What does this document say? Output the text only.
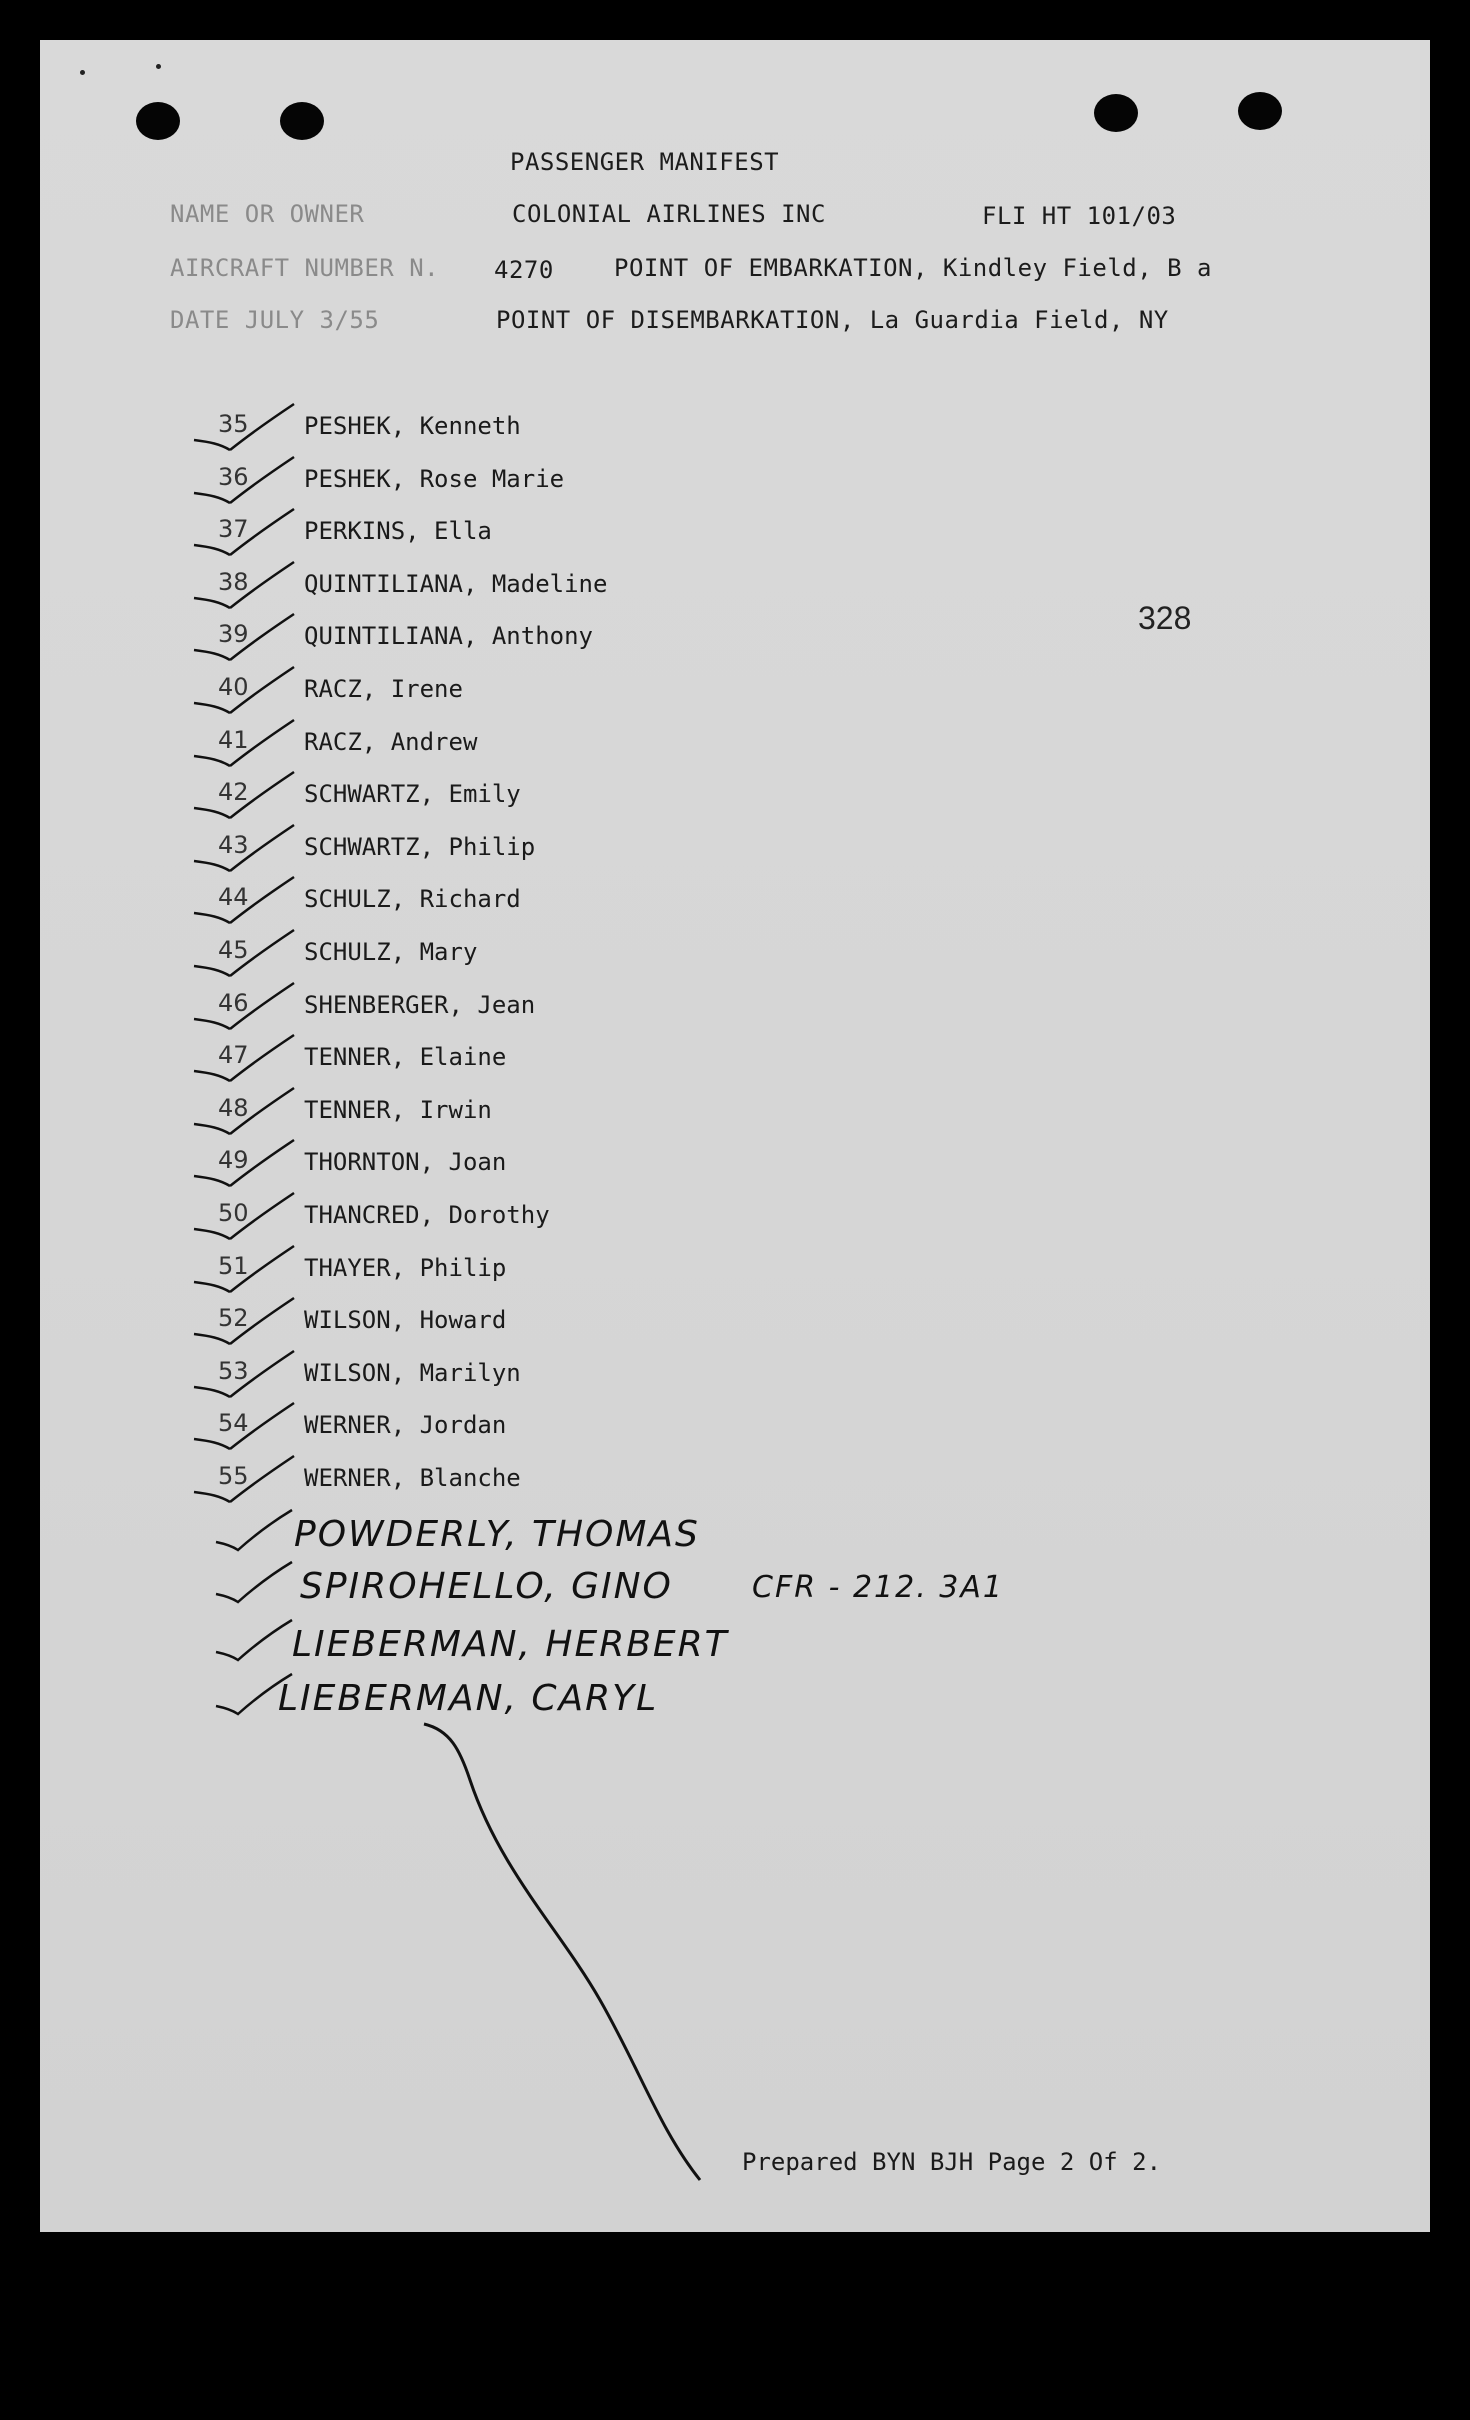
PASSENGER MANIFEST
NAME OR OWNER	COLONIAL AIRLINES INC	FLI HT 101/03
AIRCRAFT NUMBER N. 4270	POINT OF EMBARKATION, Kindley Field, B a
DATE JULY 3/55	POINT OF DISEMBARKATION, La Guardia Field, NY
328
35 PESHEK, Kenneth
36 PESHEK, Rose Marie
37 PERKINS, Ella
38 QUINTILIANA, Madeline
39 QUINTILIANA, Anthony
40 RACZ, Irene
41 RACZ, Andrew
42 SCHWARTZ, Emily
43 SCHWARTZ, Philip
44 SCHULZ, Richard
45 SCHULZ, Mary
46 SHENBERGER, Jean
47 TENNER, Elaine
48 TENNER, Irwin
49 THORNTON, Joan
50 THANCRED, Dorothy
51 THAYER, Philip
52 WILSON, Howard
53 WILSON, Marilyn
54 WERNER, Jordan
55 WERNER, Blanche
POWDERLY, THOMAS
SPIROHELLO, GINO	CFR - 212. 3A1
LIEBERMAN, HERBERT
LIEBERMAN, CARYL
Prepared BYN BJH Page 2 Of 2.
